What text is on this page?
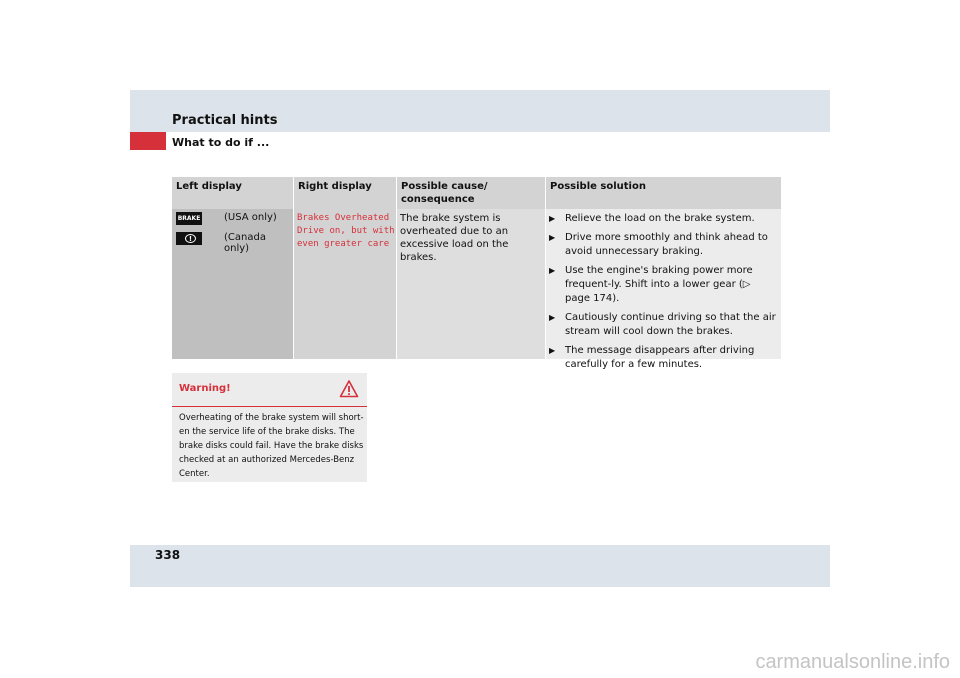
Practical hints
What to do if ...
Left display
BRAKE (USA only)
!
(Canada only)
Right display
Brakes Overheated Drive on, but with even greater care
Possible cause/
consequence
The brake system is overheated due to an excessive load on the brakes.
Possible solution
▶ Relieve the load on the brake system.
▶ Drive more smoothly and think ahead to avoid unnecessary braking.
▶ Use the engine's braking power more frequent-ly. Shift into a lower gear (▷ page 174).
▶ Cautiously continue driving so that the air stream will cool down the brakes.
▶ The message disappears after driving carefully for a few minutes.
Warning!
Overheating of the brake system will short-en the service life of the brake disks. The brake disks could fail. Have the brake disks checked at an authorized Mercedes-Benz Center.
338
carmanualsonline.info
